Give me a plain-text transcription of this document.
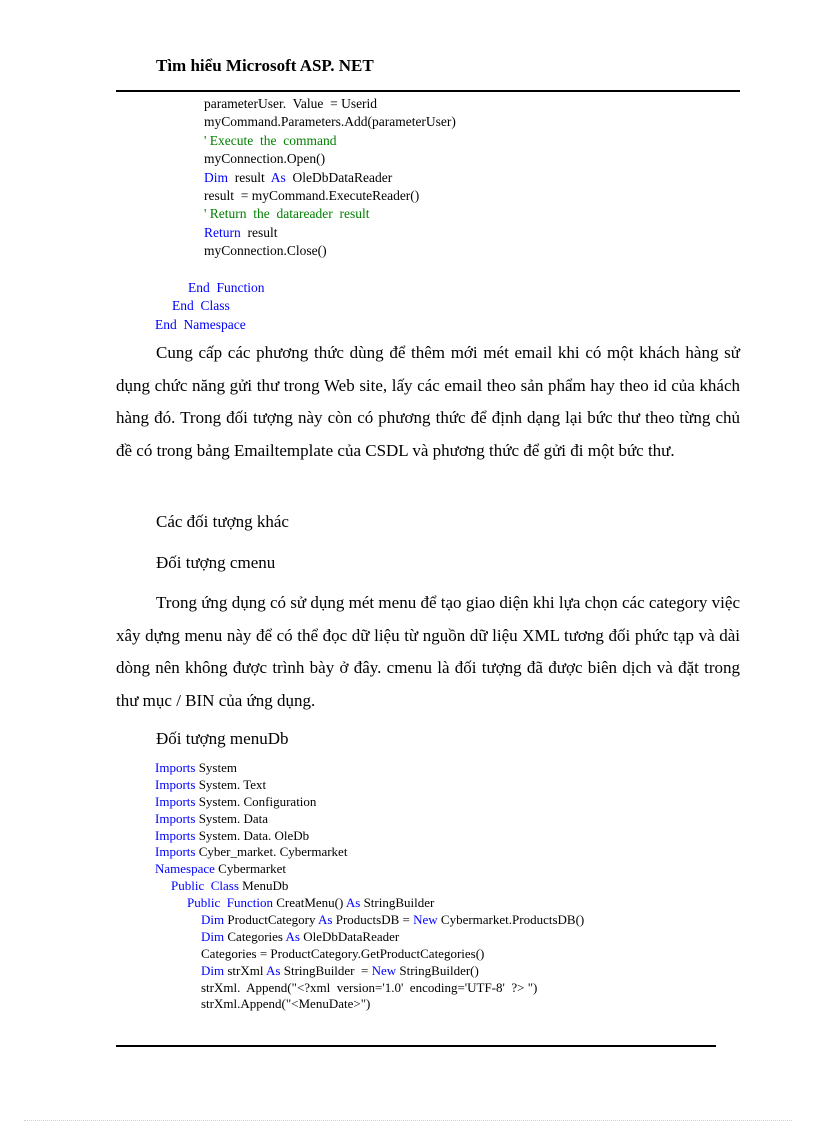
Tìm hiểu Microsoft ASP. NET
parameterUser.  Value  = Userid
myCommand.Parameters.Add(parameterUser)
' Execute  the  command
myConnection.Open()
Dim  result  As  OleDbDataReader
result  = myCommand.ExecuteReader()
' Return  the  datareader  result
Return  result
myConnection.Close()
End  Function
End  Class
End  Namespace

Cung cấp các phương thức dùng để thêm mới mét email khi có một khách hàng sử dụng chức năng gửi thư trong Web site, lấy các email theo sản phẩm hay theo id của khách hàng đó. Trong đối tượng này còn có phương thức để định dạng lại bức thư theo từng chủ đề có trong bảng Emailtemplate của CSDL và phương thức để gửi đi một bức thư.

Các đối tượng khác
Đối tượng cmenu

Trong ứng dụng có sử dụng mét menu để tạo giao diện khi lựa chọn các category việc xây dựng menu này để có thể đọc dữ liệu từ nguồn dữ liệu XML tương đối phức tạp và dài dòng nên không được trình bày ở đây. cmenu là đối tượng đã được biên dịch và đặt trong thư mục / BIN của ứng dụng.

Đối tượng menuDb
Imports System
Imports System. Text
Imports System. Configuration
Imports System. Data
Imports System. Data. OleDb
Imports Cyber_market. Cybermarket
Namespace Cybermarket
Public  Class MenuDb
Public  Function CreatMenu() As StringBuilder
Dim ProductCategory As ProductsDB = New Cybermarket.ProductsDB()
Dim Categories As OleDbDataReader
Categories = ProductCategory.GetProductCategories()
Dim strXml As StringBuilder  = New StringBuilder()
strXml.  Append("<?xml  version='1.0'  encoding='UTF-8'  ?> ")
strXml.Append("<MenuDate>")
